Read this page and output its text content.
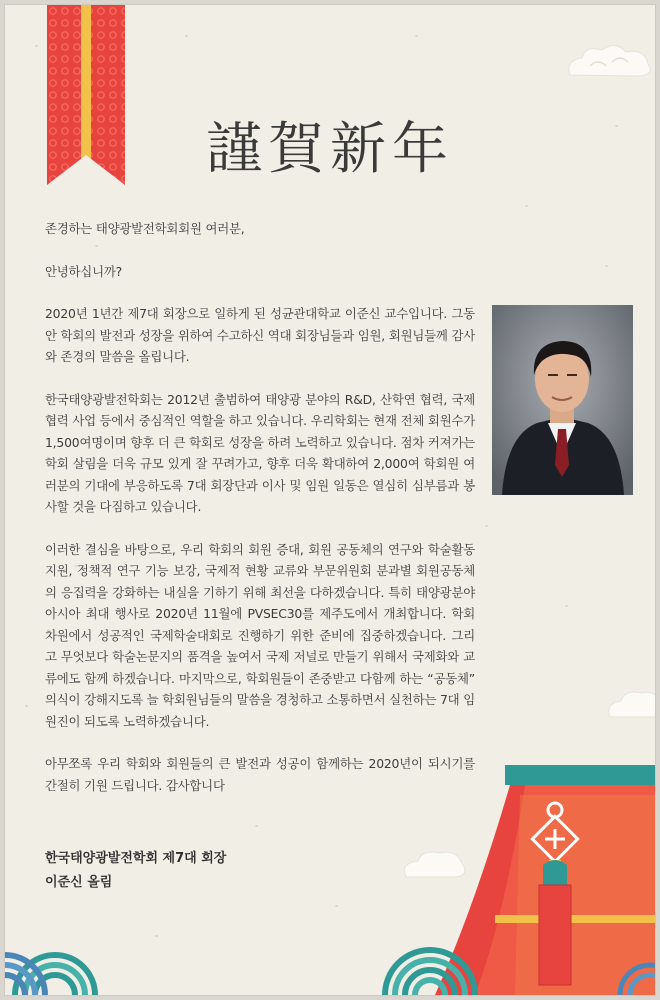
謹賀新年

존경하는 태양광발전학회회원 여러분,

안녕하십니까?

2020년 1년간 제7대 회장으로 일하게 된 성균관대학교 이준신 교수입니다. 그동안 학회의 발전과 성장을 위하여 수고하신 역대 회장님들과 임원, 회원님들께 감사와 존경의 말씀을 올립니다.

한국태양광발전학회는 2012년 출범하여 태양광 분야의 R&D, 산학연 협력, 국제협력 사업 등에서 중심적인 역할을 하고 있습니다. 우리학회는 현재 전체 회원수가 1,500여명이며 향후 더 큰 학회로 성장을 하려 노력하고 있습니다. 점차 커져가는 학회 살림을 더욱 규모 있게 잘 꾸려가고, 향후 더욱 확대하여 2,000여 학회원 여러분의 기대에 부응하도록 7대 회장단과 이사 및 임원 일동은 열심히 심부름과 봉사할 것을 다짐하고 있습니다.

이러한 결심을 바탕으로, 우리 학회의 회원 증대, 회원 공동체의 연구와 학술활동 지원, 정책적 연구 기능 보강, 국제적 현황 교류와 부문위원회 분과별 회원공동체의 응집력을 강화하는 내실을 기하기 위해 최선을 다하겠습니다. 특히 태양광분야 아시아 최대 행사로 2020년 11월에 PVSEC30를 제주도에서 개최합니다. 학회 차원에서 성공적인 국제학술대회로 진행하기 위한 준비에 집중하겠습니다. 그리고 무엇보다 학술논문지의 품격을 높여서 국제 저널로 만들기 위해서 국제화와 교류에도 함께 하겠습니다. 마지막으로, 학회원들이 존중받고 다함께 하는 “공동체” 의식이 강해지도록 늘 학회원님들의 말씀을 경청하고 소통하면서 실천하는 7대 임원진이 되도록 노력하겠습니다.

아무쪼록 우리 학회와 회원들의 큰 발전과 성공이 함께하는 2020년이 되시기를 간절히 기원 드립니다. 감사합니다

한국태양광발전학회 제7대 회장
이준신 올림
